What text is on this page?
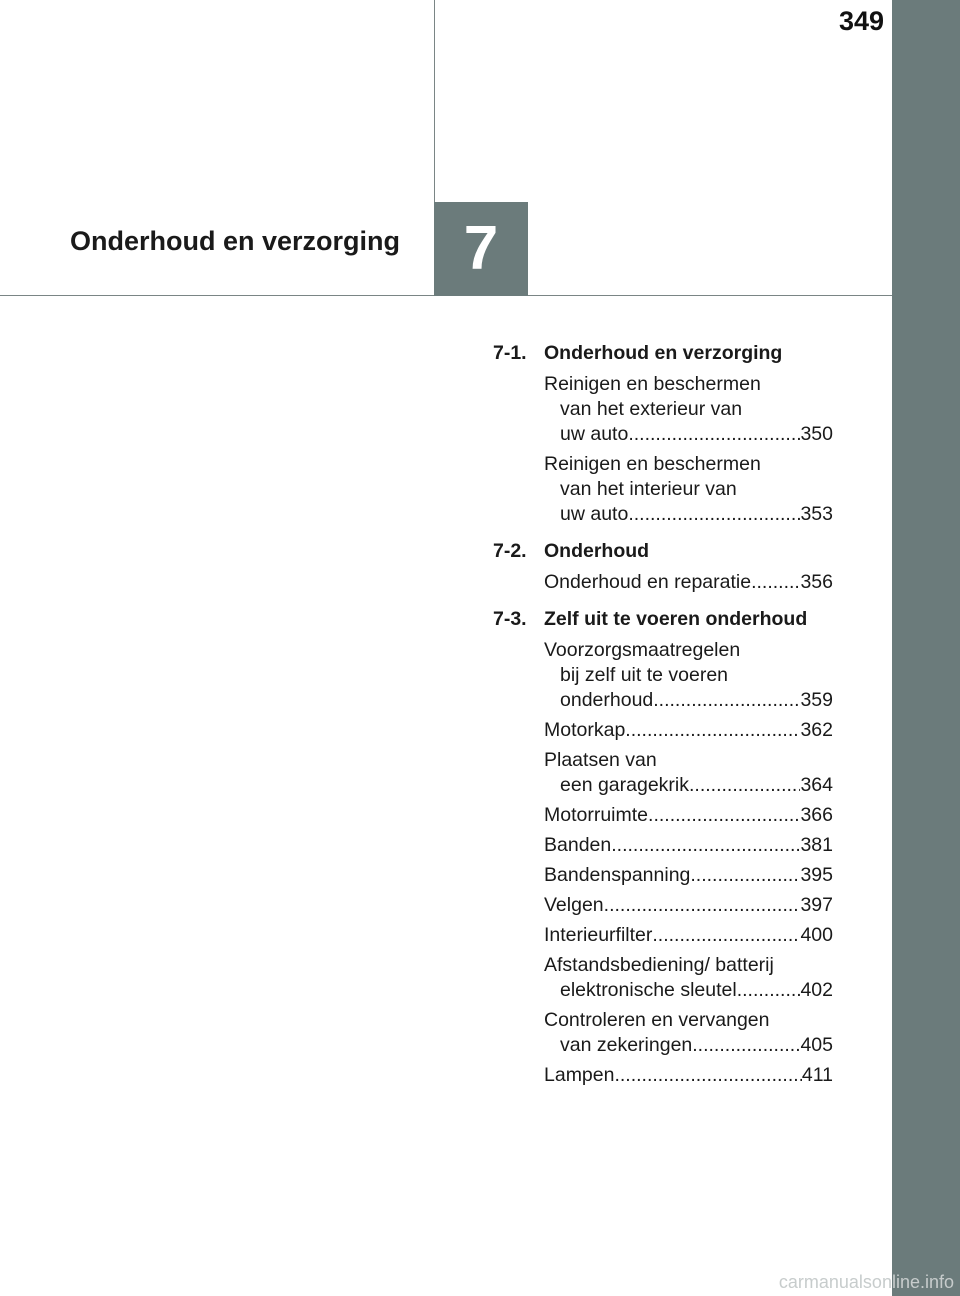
349
7
Onderhoud en verzorging
7-1. Onderhoud en verzorging
Reinigen en beschermen
van het exterieur van
uw auto .....	350
Reinigen en beschermen
van het interieur van
uw auto .....	353
7-2. Onderhoud
Onderhoud en reparatie .....	356
7-3. Zelf uit te voeren onderhoud
Voorzorgsmaatregelen
bij zelf uit te voeren
onderhoud .....	359
Motorkap .....	362
Plaatsen van
een garagekrik .....	364
Motorruimte .....	366
Banden .....	381
Bandenspanning .....	395
Velgen .....	397
Interieurfilter .....	400
Afstandsbediening/ batterij
elektronische sleutel .....	402
Controleren en vervangen
van zekeringen .....	405
Lampen .....	411
carmanualsonline.info
